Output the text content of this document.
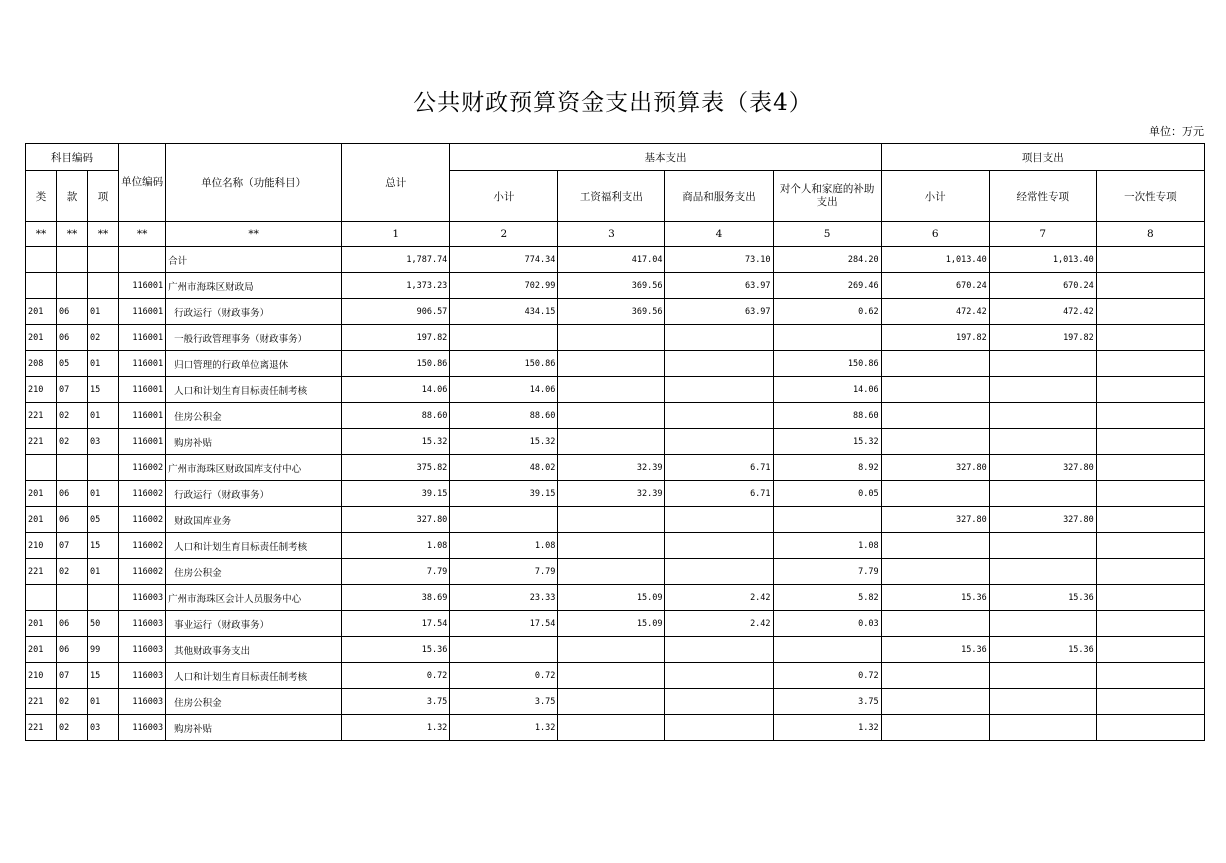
公共财政预算资金支出预算表（表4）
单位：万元
科目编码			单位编码	单位名称（功能科目）	总计	基本支出				项目支出		
类	款	项				小计	工资福利支出	商品和服务支出	对个人和家庭的补助支出	小计	经常性专项	一次性专项
**	**	**	**	**	1	2	3	4	5	6	7	8
				合计	1,787.74	774.34	417.04	73.10	284.20	1,013.40	1,013.40	
			116001	广州市海珠区财政局	1,373.23	702.99	369.56	63.97	269.46	670.24	670.24	
201	06	01	116001	行政运行（财政事务）	906.57	434.15	369.56	63.97	0.62	472.42	472.42	
201	06	02	116001	一般行政管理事务（财政事务）	197.82					197.82	197.82	
208	05	01	116001	归口管理的行政单位离退休	150.86	150.86			150.86			
210	07	15	116001	人口和计划生育目标责任制考核	14.06	14.06			14.06			
221	02	01	116001	住房公积金	88.60	88.60			88.60			
221	02	03	116001	购房补贴	15.32	15.32			15.32			
			116002	广州市海珠区财政国库支付中心	375.82	48.02	32.39	6.71	8.92	327.80	327.80	
201	06	01	116002	行政运行（财政事务）	39.15	39.15	32.39	6.71	0.05			
201	06	05	116002	财政国库业务	327.80					327.80	327.80	
210	07	15	116002	人口和计划生育目标责任制考核	1.08	1.08			1.08			
221	02	01	116002	住房公积金	7.79	7.79			7.79			
			116003	广州市海珠区会计人员服务中心	38.69	23.33	15.09	2.42	5.82	15.36	15.36	
201	06	50	116003	事业运行（财政事务）	17.54	17.54	15.09	2.42	0.03			
201	06	99	116003	其他财政事务支出	15.36					15.36	15.36	
210	07	15	116003	人口和计划生育目标责任制考核	0.72	0.72			0.72			
221	02	01	116003	住房公积金	3.75	3.75			3.75			
221	02	03	116003	购房补贴	1.32	1.32			1.32			
